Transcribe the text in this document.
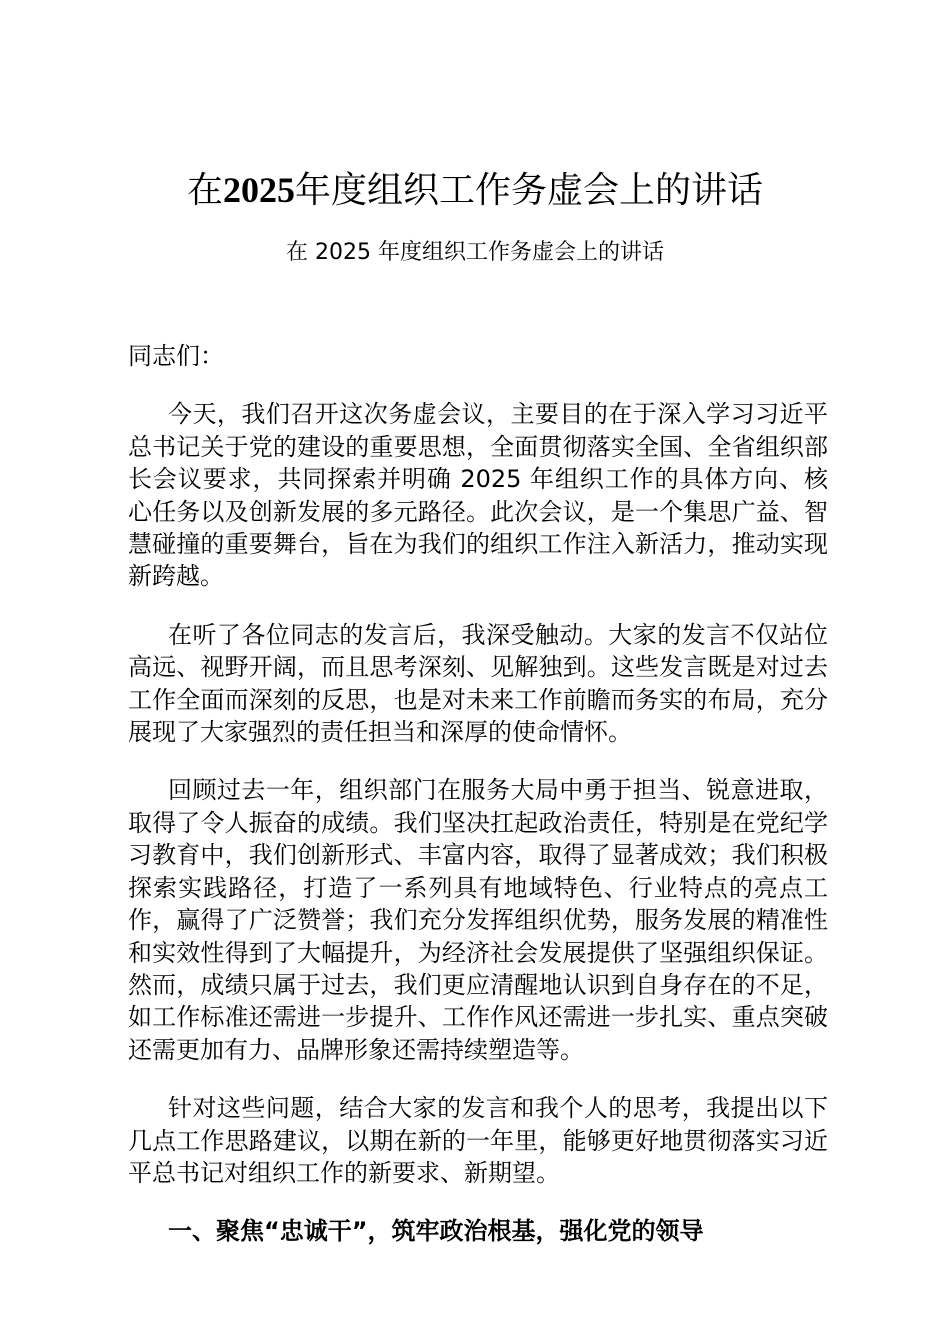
在2025年度组织工作务虚会上的讲话

在 2025 年度组织工作务虚会上的讲话

同志们：

今天，我们召开这次务虚会议，主要目的在于深入学习习近平总书记关于党的建设的重要思想，全面贯彻落实全国、全省组织部长会议要求，共同探索并明确 2025 年组织工作的具体方向、核心任务以及创新发展的多元路径。此次会议，是一个集思广益、智慧碰撞的重要舞台，旨在为我们的组织工作注入新活力，推动实现新跨越。

在听了各位同志的发言后，我深受触动。大家的发言不仅站位高远、视野开阔，而且思考深刻、见解独到。这些发言既是对过去工作全面而深刻的反思，也是对未来工作前瞻而务实的布局，充分展现了大家强烈的责任担当和深厚的使命情怀。

回顾过去一年，组织部门在服务大局中勇于担当、锐意进取，取得了令人振奋的成绩。我们坚决扛起政治责任，特别是在党纪学习教育中，我们创新形式、丰富内容，取得了显著成效；我们积极探索实践路径，打造了一系列具有地域特色、行业特点的亮点工作，赢得了广泛赞誉；我们充分发挥组织优势，服务发展的精准性和实效性得到了大幅提升，为经济社会发展提供了坚强组织保证。然而，成绩只属于过去，我们更应清醒地认识到自身存在的不足，如工作标准还需进一步提升、工作作风还需进一步扎实、重点突破还需更加有力、品牌形象还需持续塑造等。

针对这些问题，结合大家的发言和我个人的思考，我提出以下几点工作思路建议，以期在新的一年里，能够更好地贯彻落实习近平总书记对组织工作的新要求、新期望。

一、聚焦“忠诚干”，筑牢政治根基，强化党的领导
